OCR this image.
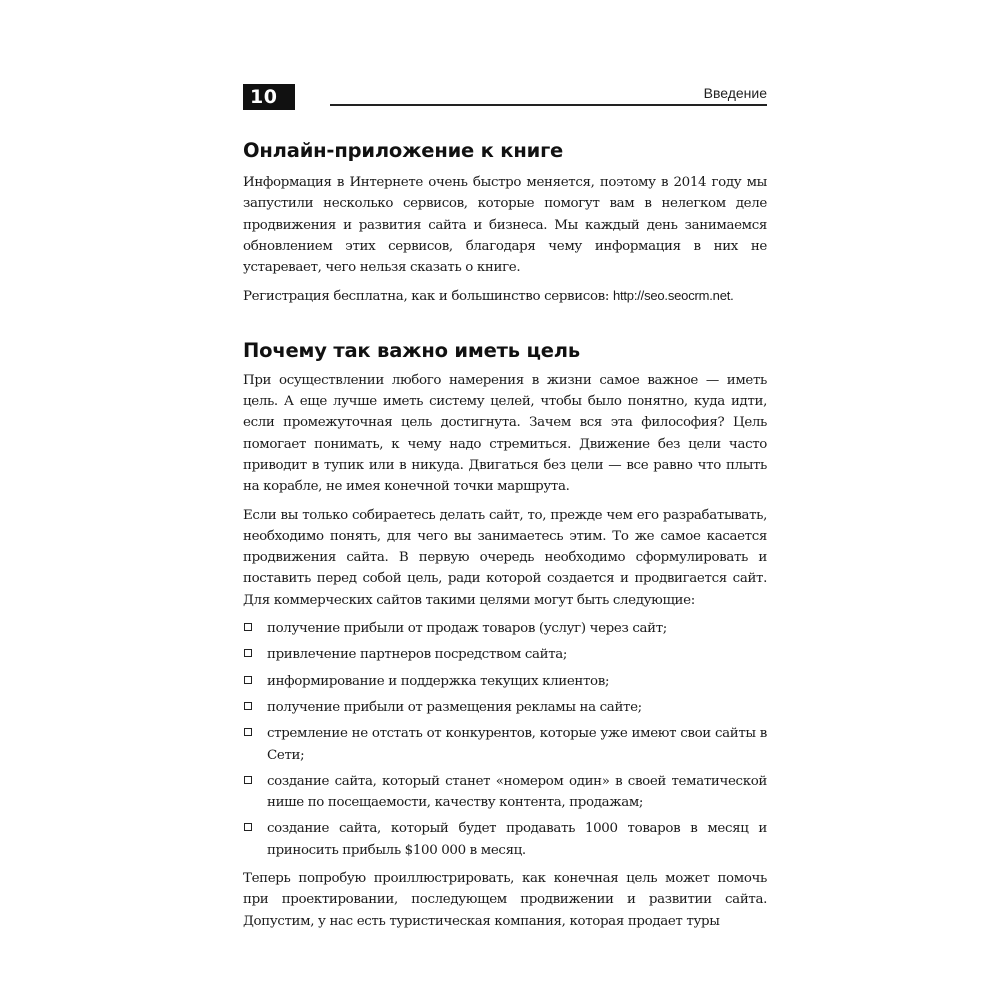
10	Введение
Онлайн-приложение к книге

Информация в Интернете очень быстро меняется, поэтому в 2014 году мы запустили несколько сервисов, которые помогут вам в нелегком деле продвижения и развития сайта и бизнеса. Мы каждый день занимаемся обновлением этих сервисов, благодаря чему информация в них не устаревает, чего нельзя сказать о книге.

Регистрация бесплатна, как и большинство сервисов: http://seo.seocrm.net.

Почему так важно иметь цель

При осуществлении любого намерения в жизни самое важное — иметь цель. А еще лучше иметь систему целей, чтобы было понятно, куда идти, если промежуточная цель достигнута. Зачем вся эта философия? Цель помогает понимать, к чему надо стремиться. Движение без цели часто приводит в тупик или в никуда. Двигаться без цели — все равно что плыть на корабле, не имея конечной точки маршрута.

Если вы только собираетесь делать сайт, то, прежде чем его разрабатывать, необходимо понять, для чего вы занимаетесь этим. То же самое касается продвижения сайта. В первую очередь необходимо сформулировать и поставить перед собой цель, ради которой создается и продвигается сайт. Для коммерческих сайтов такими целями могут быть следующие:

получение прибыли от продаж товаров (услуг) через сайт;
привлечение партнеров посредством сайта;
информирование и поддержка текущих клиентов;
получение прибыли от размещения рекламы на сайте;
стремление не отстать от конкурентов, которые уже имеют свои сайты в Сети;
создание сайта, который станет «номером один» в своей тематической нише по посещаемости, качеству контента, продажам;
создание сайта, который будет продавать 1000 товаров в месяц и приносить прибыль $100 000 в месяц.

Теперь попробую проиллюстрировать, как конечная цель может помочь при проектировании, последующем продвижении и развитии сайта. Допустим, у нас есть туристическая компания, которая продает туры
